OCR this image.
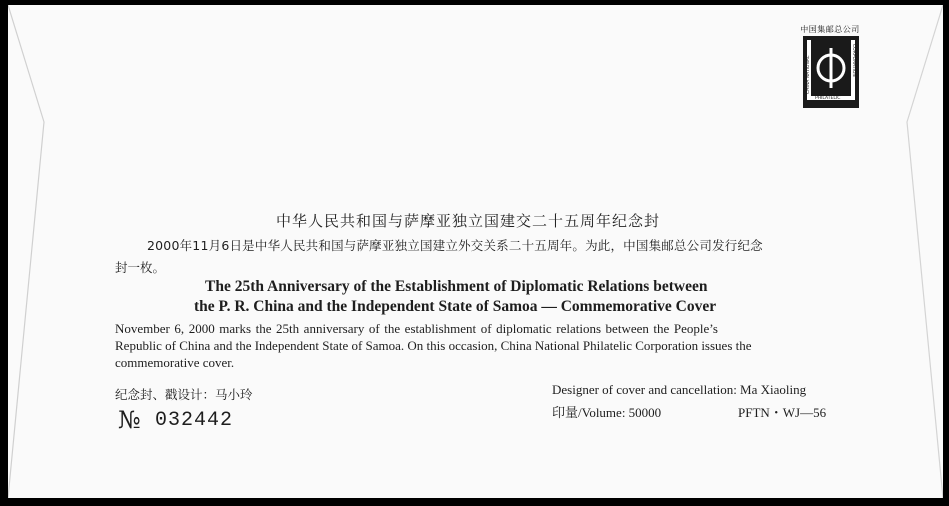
中国集邮总公司
CHINA NATIONAL
PHILATELIC
CORPORATION
中华人民共和国与萨摩亚独立国建交二十五周年纪念封
2000年11月6日是中华人民共和国与萨摩亚独立国建立外交关系二十五周年。为此，中国集邮总公司发行纪念
封一枚。
The 25th Anniversary of the Establishment of Diplomatic Relations between
the P. R. China and the Independent State of Samoa — Commemorative Cover
November 6, 2000 marks the 25th anniversary of the establishment of diplomatic relations between the People’s
Republic of China and the Independent State of Samoa. On this occasion, China National Philatelic Corporation issues the
commemorative cover.
纪念封、戳设计：马小玲	Designer of cover and cancellation: Ma Xiaoling
印量/Volume: 50000	PFTN・WJ—56
№ 032442
